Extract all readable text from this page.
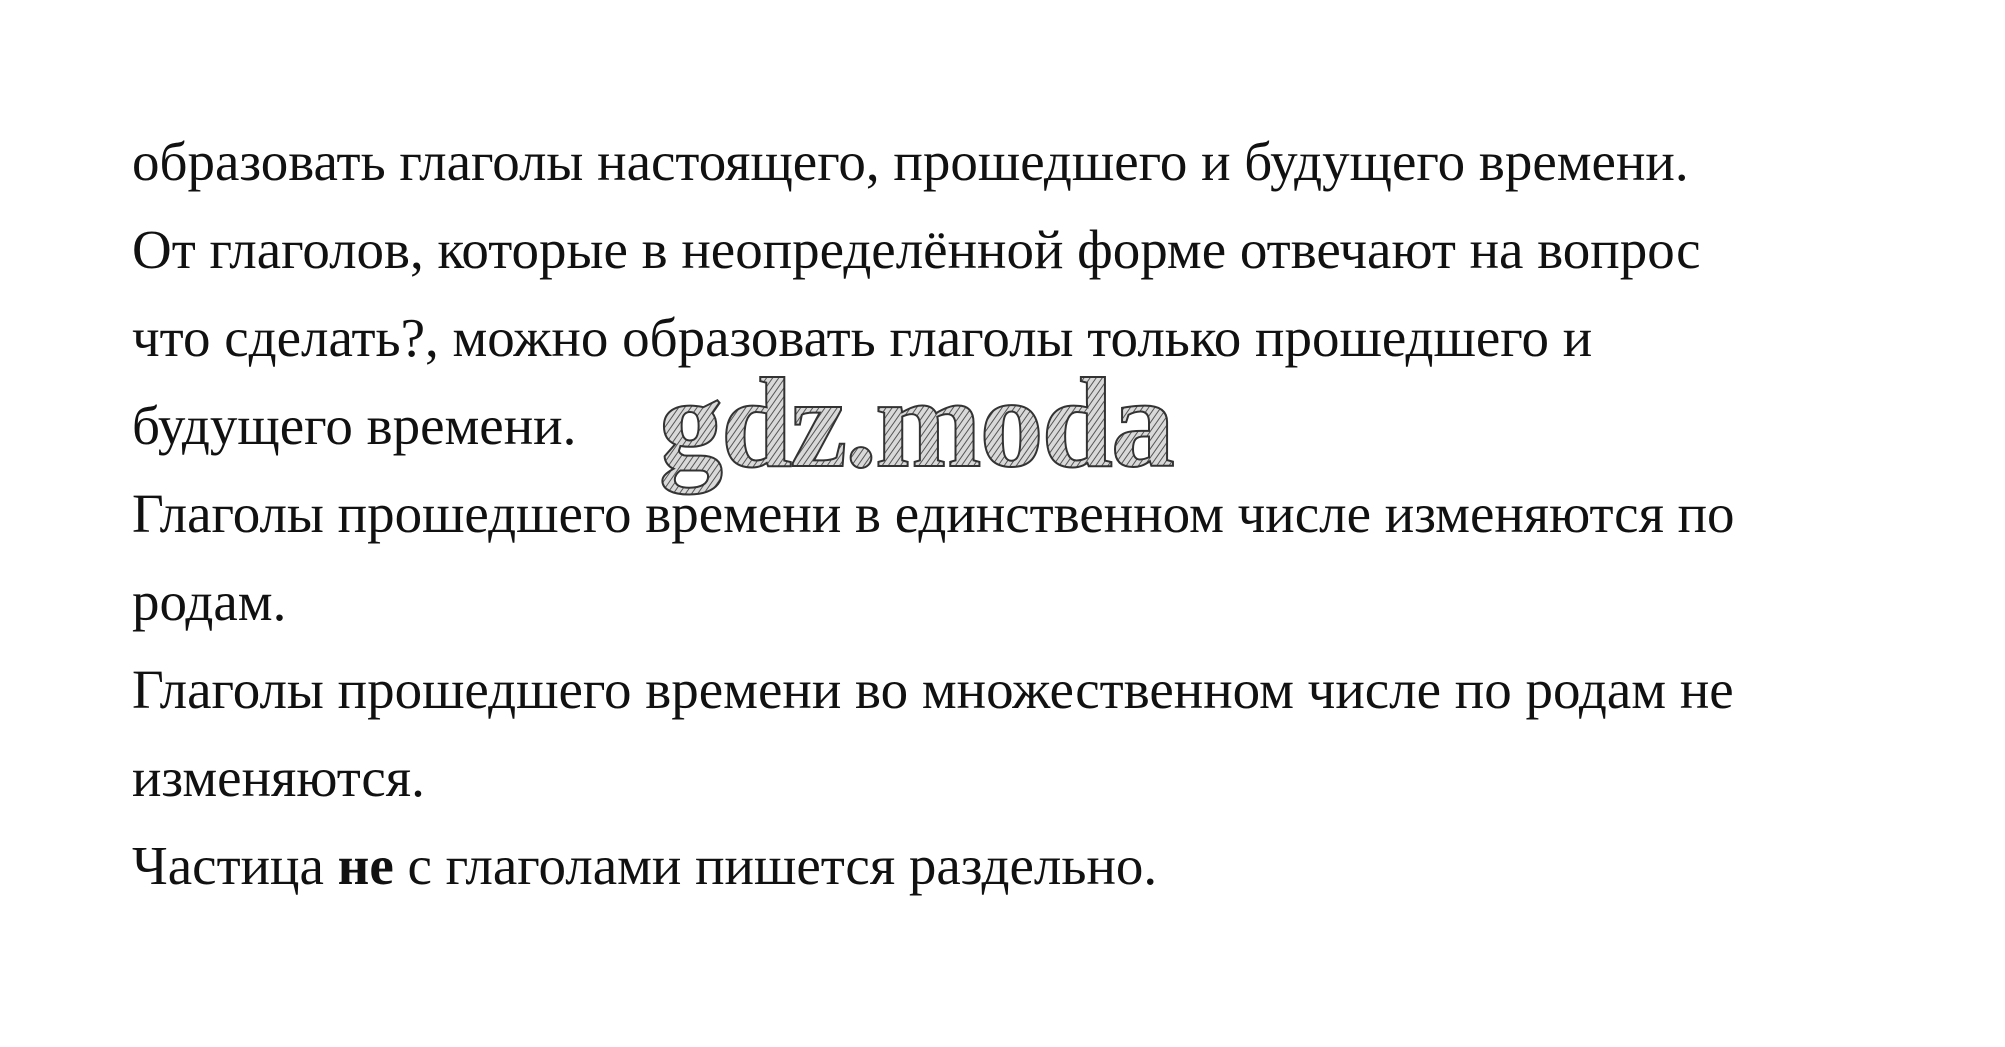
образовать глаголы настоящего, прошедшего и будущего времени.
От глаголов, которые в неопределённой форме отвечают на вопрос
что сделать?, можно образовать глаголы только прошедшего и
будущего времени.
Глаголы прошедшего времени в единственном числе изменяются по
родам.
Глаголы прошедшего времени во множественном числе по родам не
изменяются.
Частица не с глаголами пишется раздельно.
gdz.moda
